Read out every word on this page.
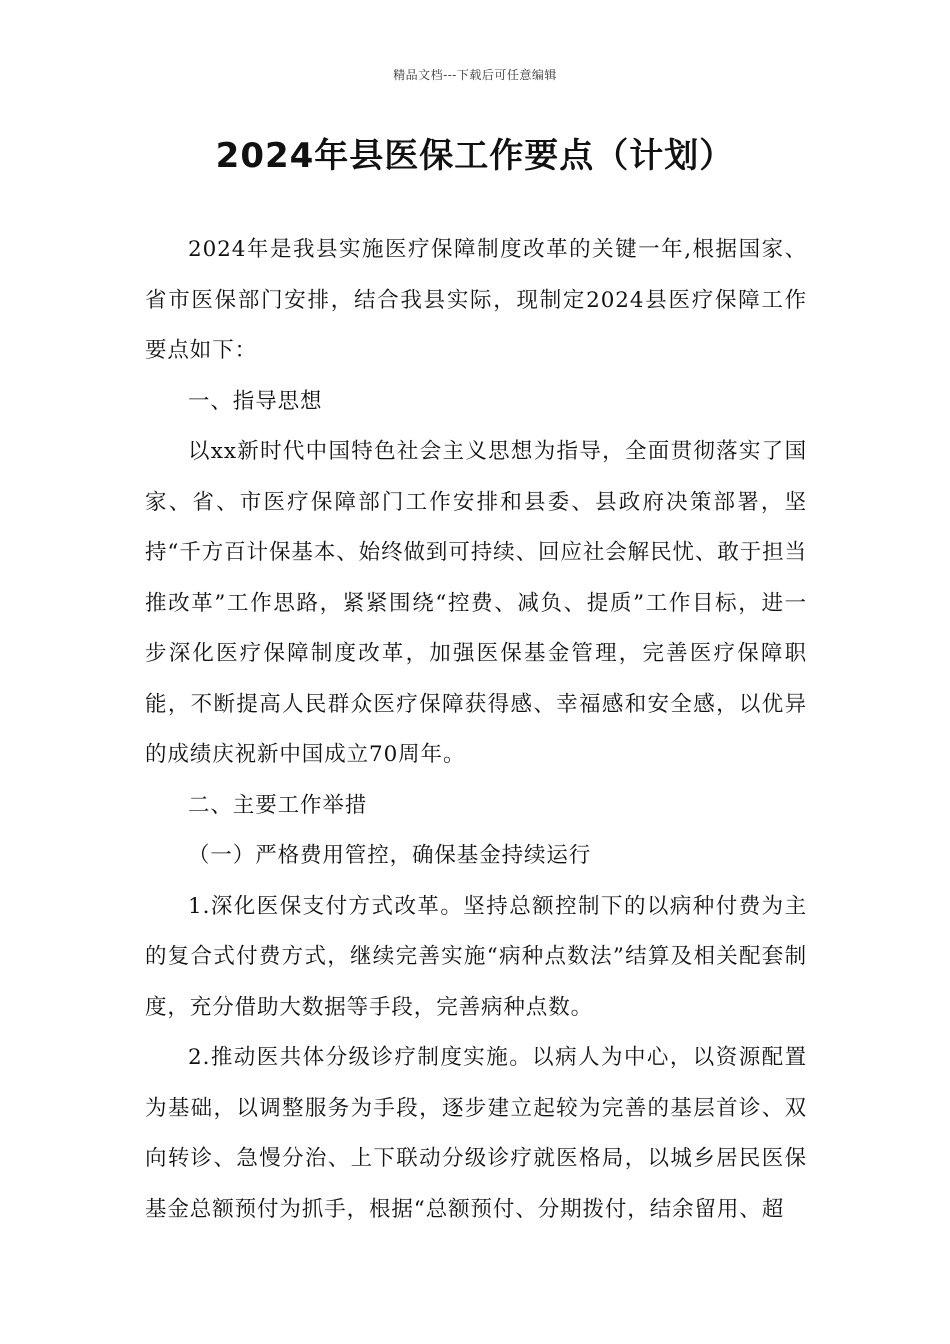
精品文档---下载后可任意编辑
2024年县医保工作要点（计划）

2024年是我县实施医疗保障制度改革的关键一年,根据国家、省市医保部门安排，结合我县实际，现制定2024县医疗保障工作要点如下：

一、指导思想

以xx新时代中国特色社会主义思想为指导，全面贯彻落实了国家、省、市医疗保障部门工作安排和县委、县政府决策部署，坚持“千方百计保基本、始终做到可持续、回应社会解民忧、敢于担当推改革”工作思路，紧紧围绕“控费、减负、提质”工作目标，进一步深化医疗保障制度改革，加强医保基金管理，完善医疗保障职能，不断提高人民群众医疗保障获得感、幸福感和安全感，以优异的成绩庆祝新中国成立70周年。

二、主要工作举措

（一）严格费用管控，确保基金持续运行

1.深化医保支付方式改革。坚持总额控制下的以病种付费为主的复合式付费方式，继续完善实施“病种点数法”结算及相关配套制度，充分借助大数据等手段，完善病种点数。

2.推动医共体分级诊疗制度实施。以病人为中心，以资源配置为基础，以调整服务为手段，逐步建立起较为完善的基层首诊、双向转诊、急慢分治、上下联动分级诊疗就医格局，以城乡居民医保基金总额预付为抓手，根据“总额预付、分期拨付，结余留用、超
